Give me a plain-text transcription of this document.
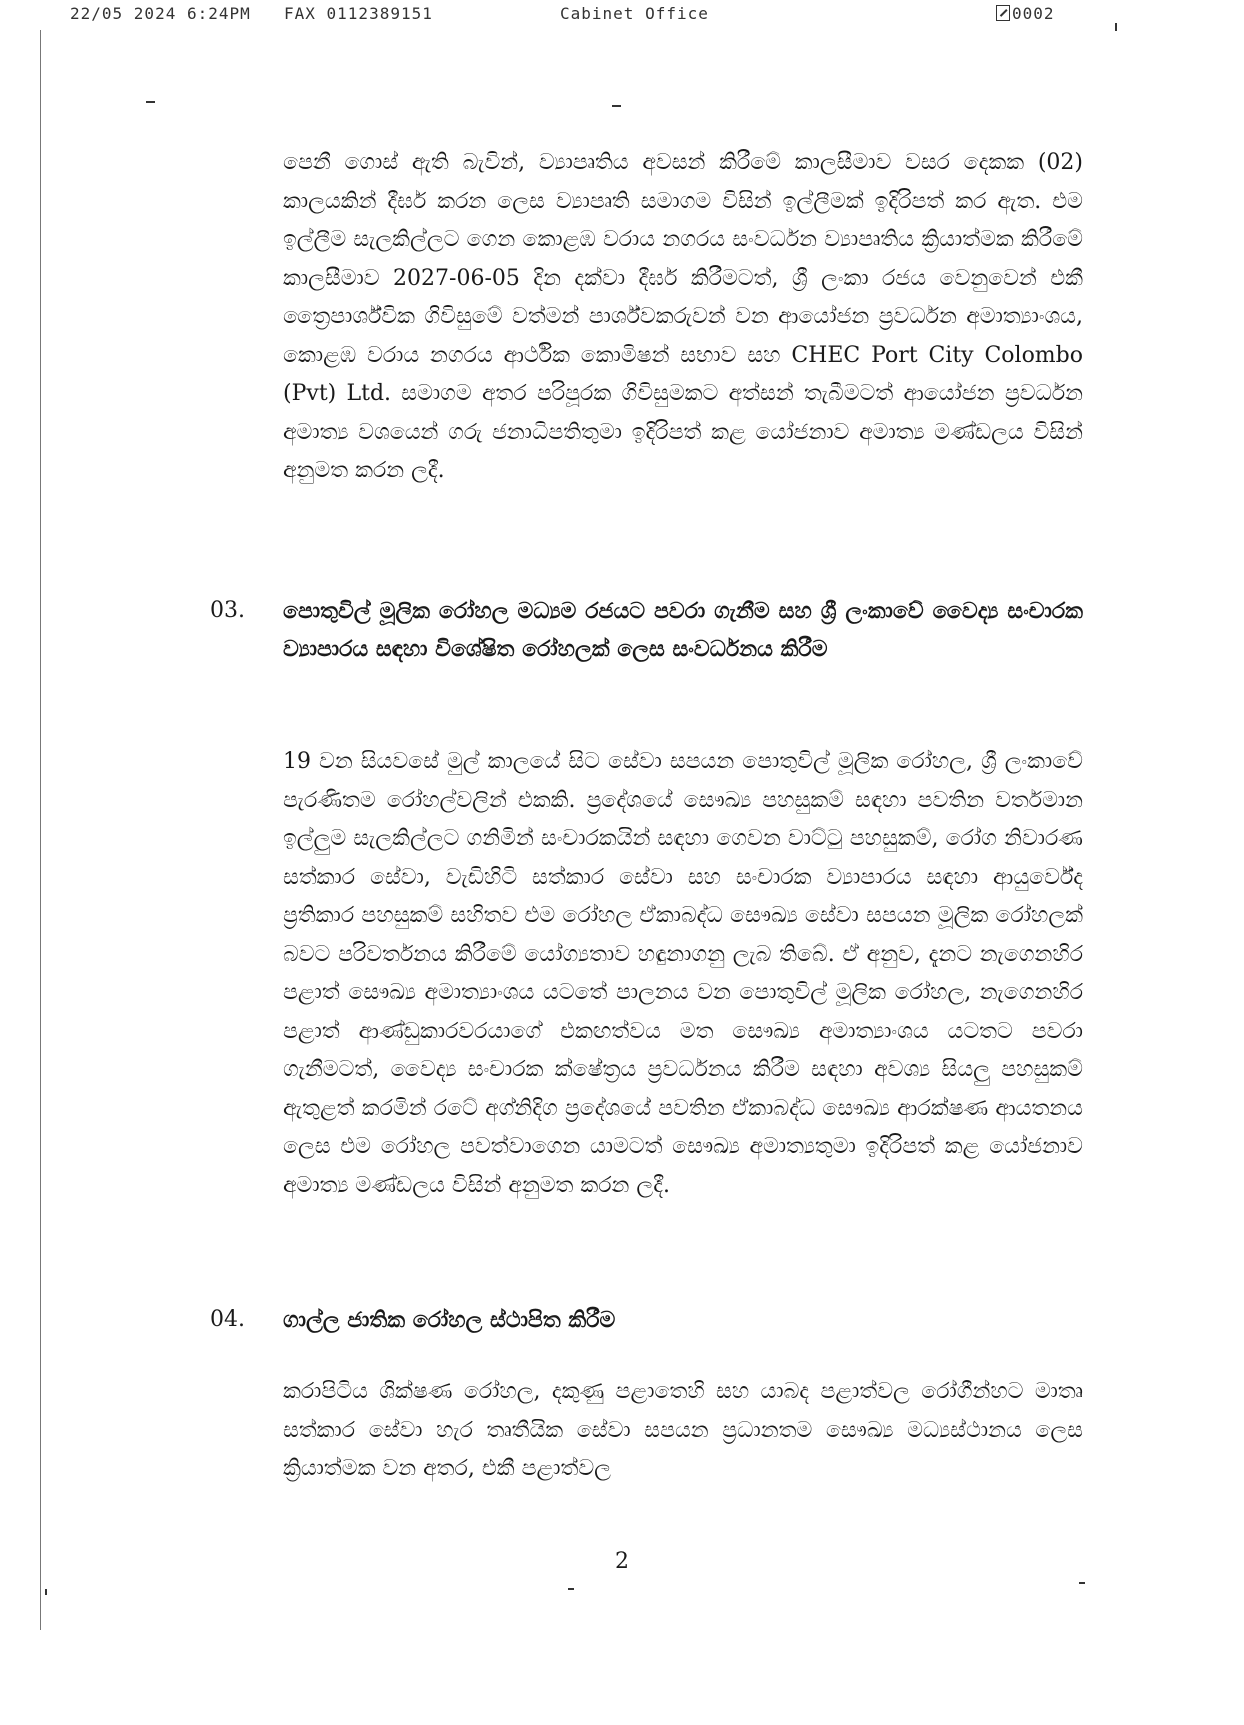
22/05 2024 6:24PM FAX 0112389151	Cabinet Office	0002

පෙනී ගොස් ඇති බැවින්, ව්‍යාපෘතිය අවසන් කිරීමේ කාලසීමාව වසර දෙකක (02) කාලයකින් දීර්ඝ කරන ලෙස ව්‍යාපෘති සමාගම විසින් ඉල්ලීමක් ඉදිරිපත් කර ඇත. එම ඉල්ලීම සැලකිල්ලට ගෙන කොළඹ වරාය නගරය සංවර්ධන ව්‍යාපෘතිය ක්‍රියාත්මක කිරීමේ කාලසීමාව 2027-06-05 දින දක්වා දීර්ඝ කිරීමටත්, ශ්‍රී ලංකා රජය වෙනුවෙන් එකී ත්‍රෛපාර්ශ්වික ගිවිසුමේ වත්මන් පාර්ශ්වකරුවන් වන ආයෝජන ප්‍රවර්ධන අමාත්‍යාංශය, කොළඹ වරාය නගරය ආර්ථික කොමිෂන් සභාව සහ CHEC Port City Colombo (Pvt) Ltd. සමාගම අතර පරිපූරක ගිවිසුමකට අත්සන් තැබීමටත් ආයෝජන ප්‍රවර්ධන අමාත්‍ය වශයෙන් ගරු ජනාධිපතිතුමා ඉදිරිපත් කළ යෝජනාව අමාත්‍ය මණ්ඩලය විසින් අනුමත කරන ලදී.

03. පොතුවිල් මූලික රෝහල මධ්‍යම රජයට පවරා ගැනීම සහ ශ්‍රී ලංකාවේ වෛද්‍ය සංචාරක ව්‍යාපාරය සඳහා විශේෂිත රෝහලක් ලෙස සංවර්ධනය කිරීම

19 වන සියවසේ මුල් කාලයේ සිට සේවා සපයන පොතුවිල් මූලික රෝහල, ශ්‍රී ලංකාවේ පැරණිතම රෝහල්වලින් එකකි. ප්‍රදේශයේ සෞඛ්‍ය පහසුකම් සඳහා පවතින වර්තමාන ඉල්ලුම සැලකිල්ලට ගනිමින් සංචාරකයින් සඳහා ගෙවන වාට්ටු පහසුකම්, රෝග නිවාරණ සත්කාර සේවා, වැඩිහිටි සත්කාර සේවා සහ සංචාරක ව්‍යාපාරය සඳහා ආයුර්වේද ප්‍රතිකාර පහසුකම් සහිතව එම රෝහල ඒකාබද්ධ සෞඛ්‍ය සේවා සපයන මූලික රෝහලක් බවට පරිවර්තනය කිරීමේ යෝග්‍යතාව හඳුනාගනු ලැබ තිබේ. ඒ අනුව, දැනට නැගෙනහිර පළාත් සෞඛ්‍ය අමාත්‍යාංශය යටතේ පාලනය වන පොතුවිල් මූලික රෝහල, නැගෙනහිර පළාත් ආණ්ඩුකාරවරයාගේ එකඟත්වය මත සෞඛ්‍ය අමාත්‍යාංශය යටතට පවරා ගැනීමටත්, වෛද්‍ය සංචාරක ක්ෂේත්‍රය ප්‍රවර්ධනය කිරීම සඳහා අවශ්‍ය සියලු පහසුකම් ඇතුළත් කරමින් රටේ අග්නිදිග ප්‍රදේශයේ පවතින ඒකාබද්ධ සෞඛ්‍ය ආරක්ෂණ ආයතනය ලෙස එම රෝහල පවත්වාගෙන යාමටත් සෞඛ්‍ය අමාත්‍යතුමා ඉදිරිපත් කළ යෝජනාව අමාත්‍ය මණ්ඩලය විසින් අනුමත කරන ලදී.

04. ගාල්ල ජාතික රෝහල ස්ථාපිත කිරීම

කරාපිටිය ශික්ෂණ රෝහල, දකුණු පළාතෙහි සහ යාබද පළාත්වල රෝගීන්හට මාතෘ සත්කාර සේවා හැර තෘතීයික සේවා සපයන ප්‍රධානතම සෞඛ්‍ය මධ්‍යස්ථානය ලෙස ක්‍රියාත්මක වන අතර, එකී පළාත්වල

2
